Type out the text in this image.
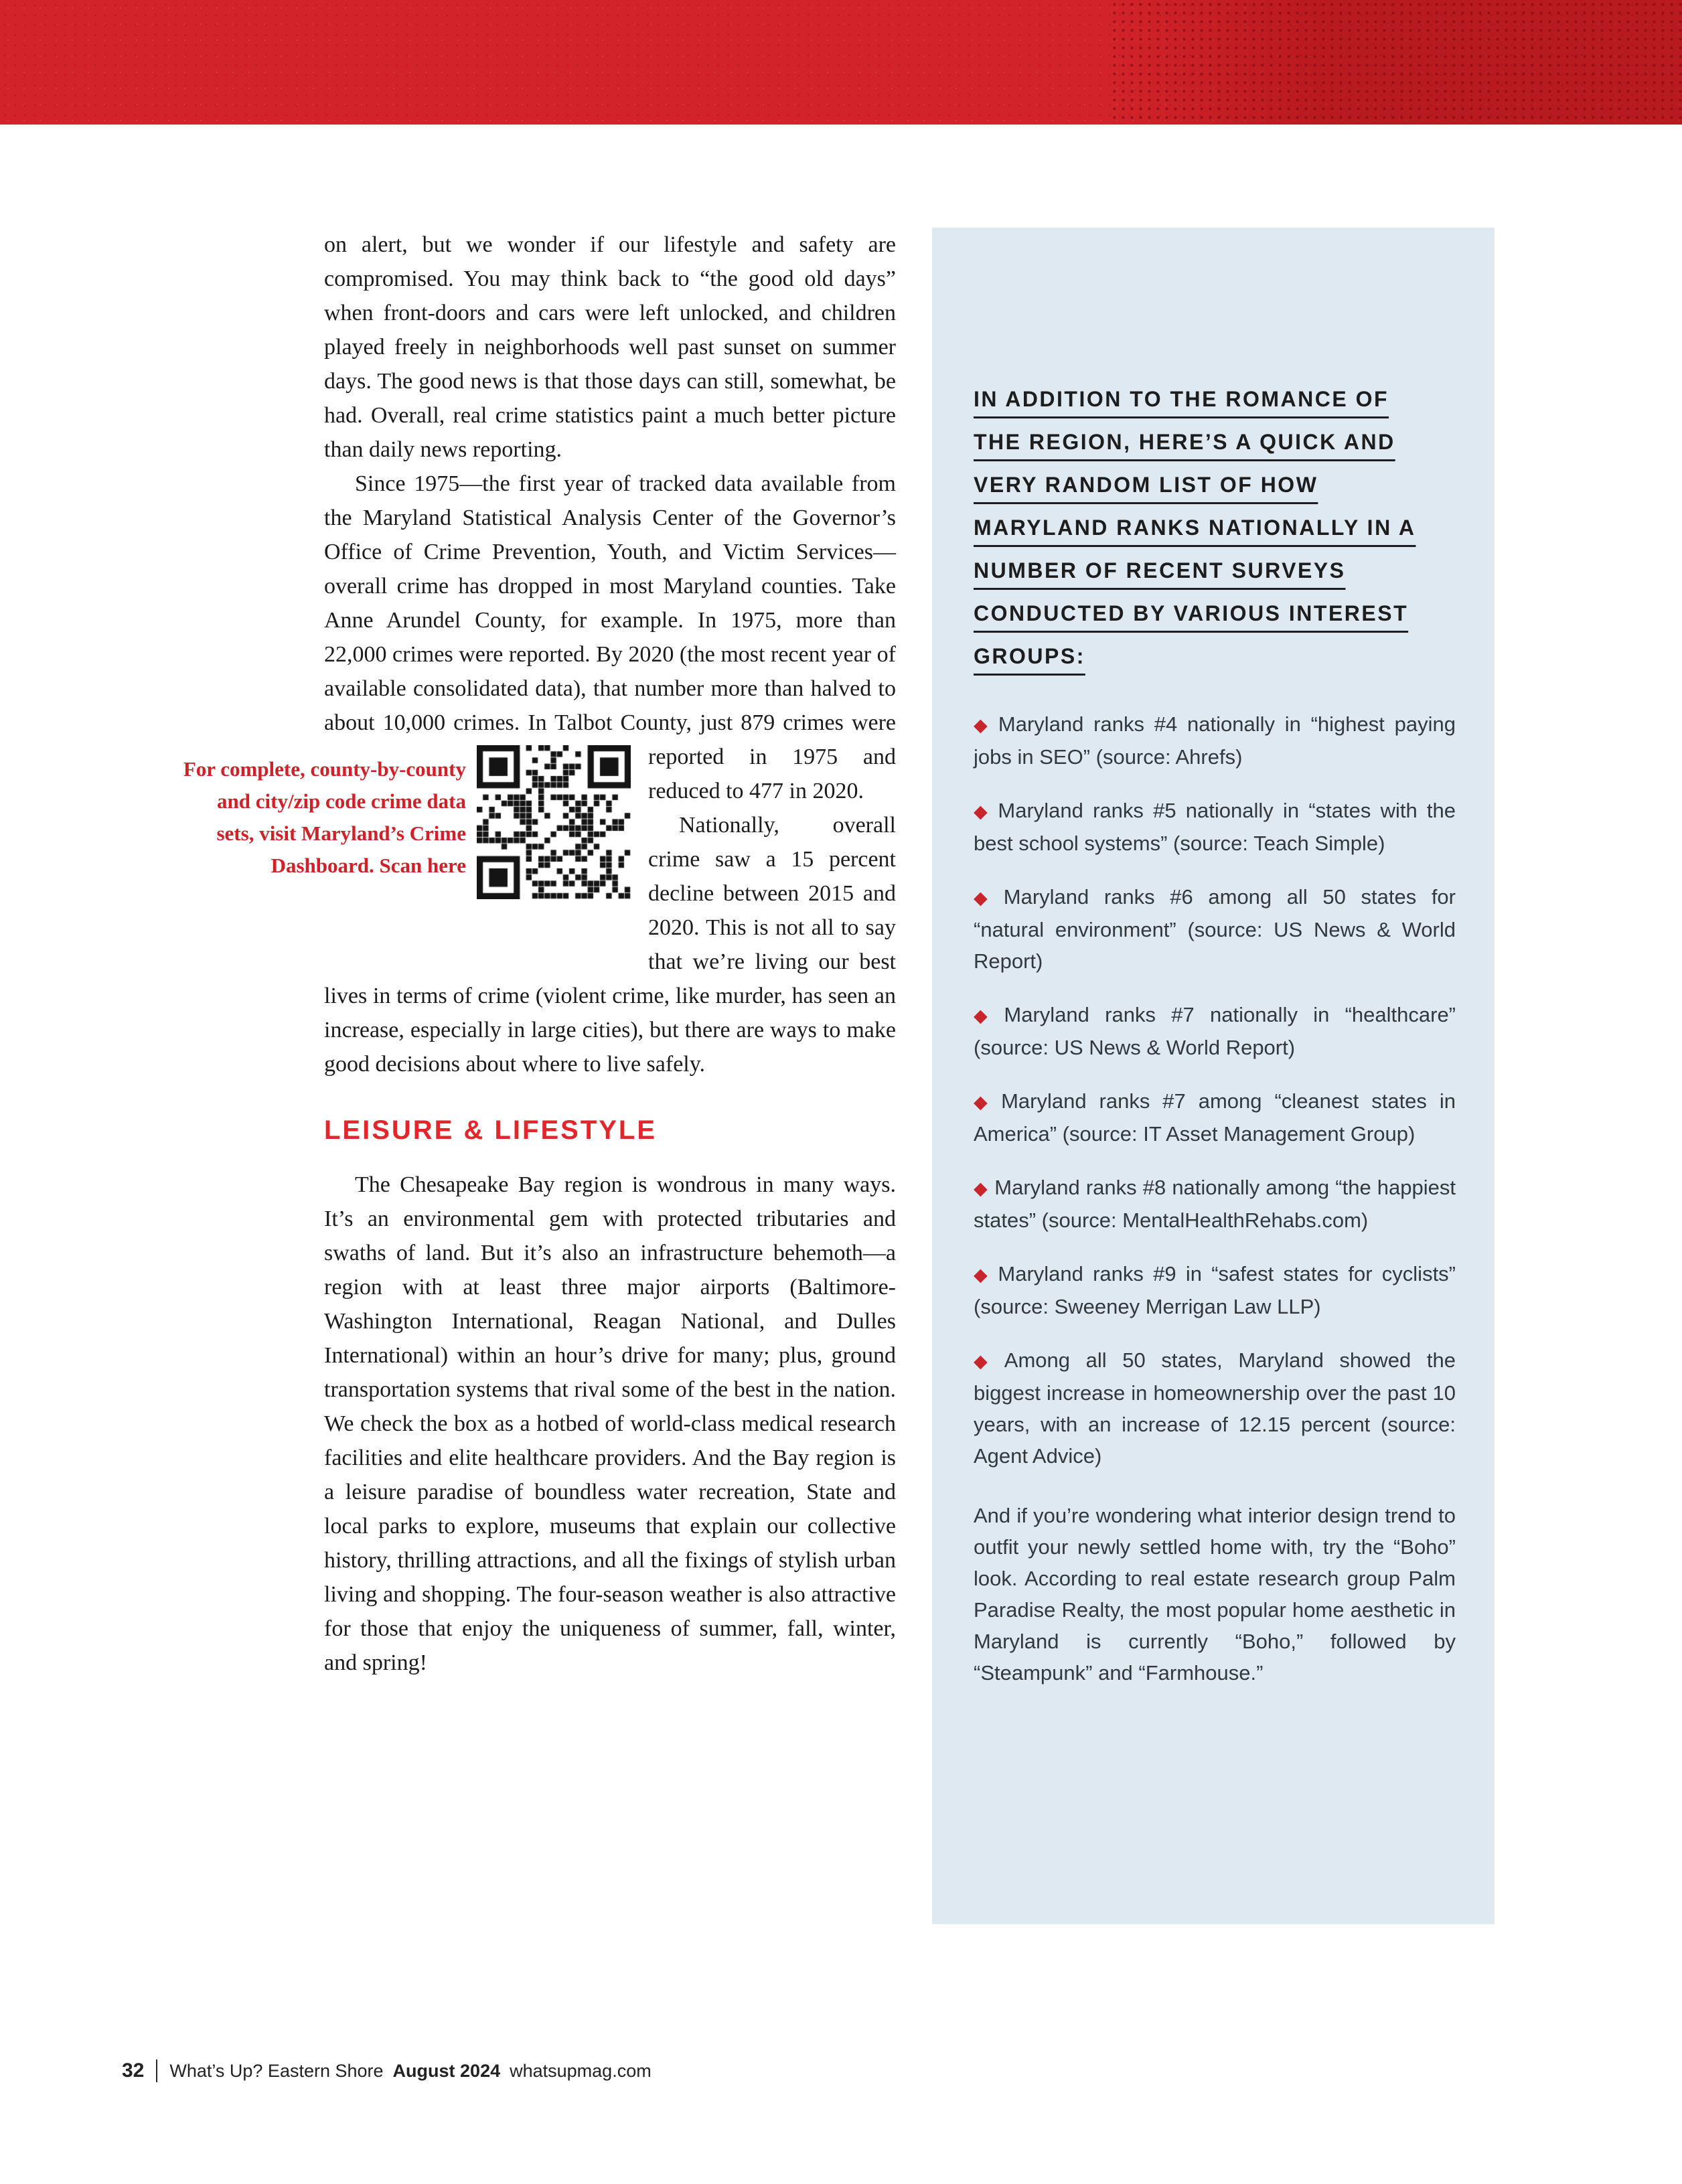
on alert, but we wonder if our lifestyle and safety are compromised. You may think back to “the good old days” when front-doors and cars were left unlocked, and children played freely in neighborhoods well past sunset on summer days. The good news is that those days can still, somewhat, be had. Overall, real crime statistics paint a much better picture than daily news reporting.

Since 1975—the first year of tracked data available from the Maryland Statistical Analysis Center of the Governor’s Office of Crime Prevention, Youth, and Victim Services—overall crime has dropped in most Maryland counties. Take Anne Arundel County, for example. In 1975, more than 22,000 crimes were reported. By 2020 (the most recent year of available consolidated data), that number more than halved to about 10,000 crimes. In Talbot County, just 879 crimes were reported
For complete, county-by-county and city/zip code crime data sets, visit Maryland’s Crime Dashboard. Scan here
in 1975 and reduced to 477 in 2020.

Nationally, overall crime saw a 15 percent decline between 2015 and 2020. This is not all to say that we’re living our best lives in terms of crime (violent crime, like murder, has seen an increase, especially in large cities), but there are ways to make good decisions about where to live safely.

LEISURE & LIFESTYLE

The Chesapeake Bay region is wondrous in many ways. It’s an environmental gem with protected tributaries and swaths of land. But it’s also an infrastructure behemoth—a region with at least three major airports (Baltimore-Washington International, Reagan National, and Dulles International) within an hour’s drive for many; plus, ground transportation systems that rival some of the best in the nation. We check the box as a hotbed of world-class medical research facilities and elite healthcare providers. And the Bay region is a leisure paradise of boundless water recreation, State and local parks to explore, museums that explain our collective history, thrilling attractions, and all the fixings of stylish urban living and shopping. The four-season weather is also attractive for those that enjoy the uniqueness of summer, fall, winter, and spring!

IN ADDITION TO THE ROMANCE OF THE REGION, HERE’S A QUICK AND VERY RANDOM LIST OF HOW MARYLAND RANKS NATIONALLY IN A NUMBER OF RECENT SURVEYS CONDUCTED BY VARIOUS INTEREST GROUPS:

◆ Maryland ranks #4 nationally in “highest paying jobs in SEO” (source: Ahrefs)

◆ Maryland ranks #5 nationally in “states with the best school systems” (source: Teach Simple)

◆ Maryland ranks #6 among all 50 states for “natural environment” (source: US News & World Report)

◆ Maryland ranks #7 nationally in “healthcare” (source: US News & World Report)

◆ Maryland ranks #7 among “cleanest states in America” (source: IT Asset Management Group)

◆ Maryland ranks #8 nationally among “the happiest states” (source: MentalHealthRehabs.com)

◆ Maryland ranks #9 in “safest states for cyclists” (source: Sweeney Merrigan Law LLP)

◆ Among all 50 states, Maryland showed the biggest increase in homeownership over the past 10 years, with an increase of 12.15 percent (source: Agent Advice)

And if you’re wondering what interior design trend to outfit your newly settled home with, try the “Boho” look. According to real estate research group Palm Paradise Realty, the most popular home aesthetic in Maryland is currently “Boho,” followed by “Steampunk” and “Farmhouse.”

32 What’s Up? Eastern Shore August 2024 whatsupmag.com
